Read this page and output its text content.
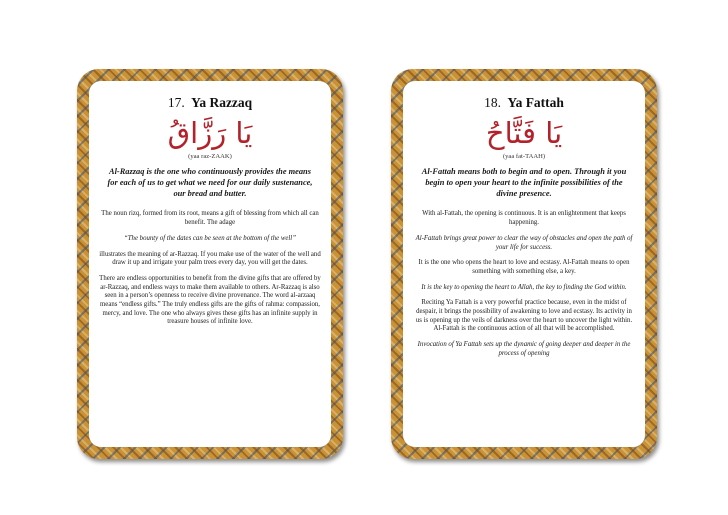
17. Ya Razzaq
يَا رَزَّاقُ
(yaa raz-ZAAK)
Al-Razzaq is the one who continuously provides the means for each of us to get what we need for our daily sustenance, our bread and butter.
The noun rizq, formed from its root, means a gift of blessing from which all can benefit. The adage
“The bounty of the dates can be seen at the bottom of the well”
illustrates the meaning of ar-Razzaq. If you make use of the water of the well and draw it up and irrigate your palm trees every day, you will get the dates.
There are endless opportunities to benefit from the divine gifts that are offered by ar-Razzaq, and endless ways to make them available to others. Ar-Razzaq is also seen in a person’s openness to receive divine provenance. The word al-arzaaq means “endless gifts.” The truly endless gifts are the gifts of rahma: compassion, mercy, and love. The one who always gives these gifts has an infinite supply in treasure houses of infinite love.
18. Ya Fattah
يَا فَتَّاحُ
(yaa fat-TAAH)
Al-Fattah means both to begin and to open. Through it you begin to open your heart to the infinite possibilities of the divine presence.
With al-Fattah, the opening is continuous. It is an enlightenment that keeps happening.
Al-Fattah brings great power to clear the way of obstacles and open the path of your life for success.
It is the one who opens the heart to love and ecstasy. Al-Fattah means to open something with something else, a key.
It is the key to opening the heart to Allah, the key to finding the God within.
Reciting Ya Fattah is a very powerful practice because, even in the midst of despair, it brings the possibility of awakening to love and ecstasy. Its activity in us is opening up the veils of darkness over the heart to uncover the light within. Al-Fattah is the continuous action of all that will be accomplished.
Invocation of Ya Fattah sets up the dynamic of going deeper and deeper in the process of opening
